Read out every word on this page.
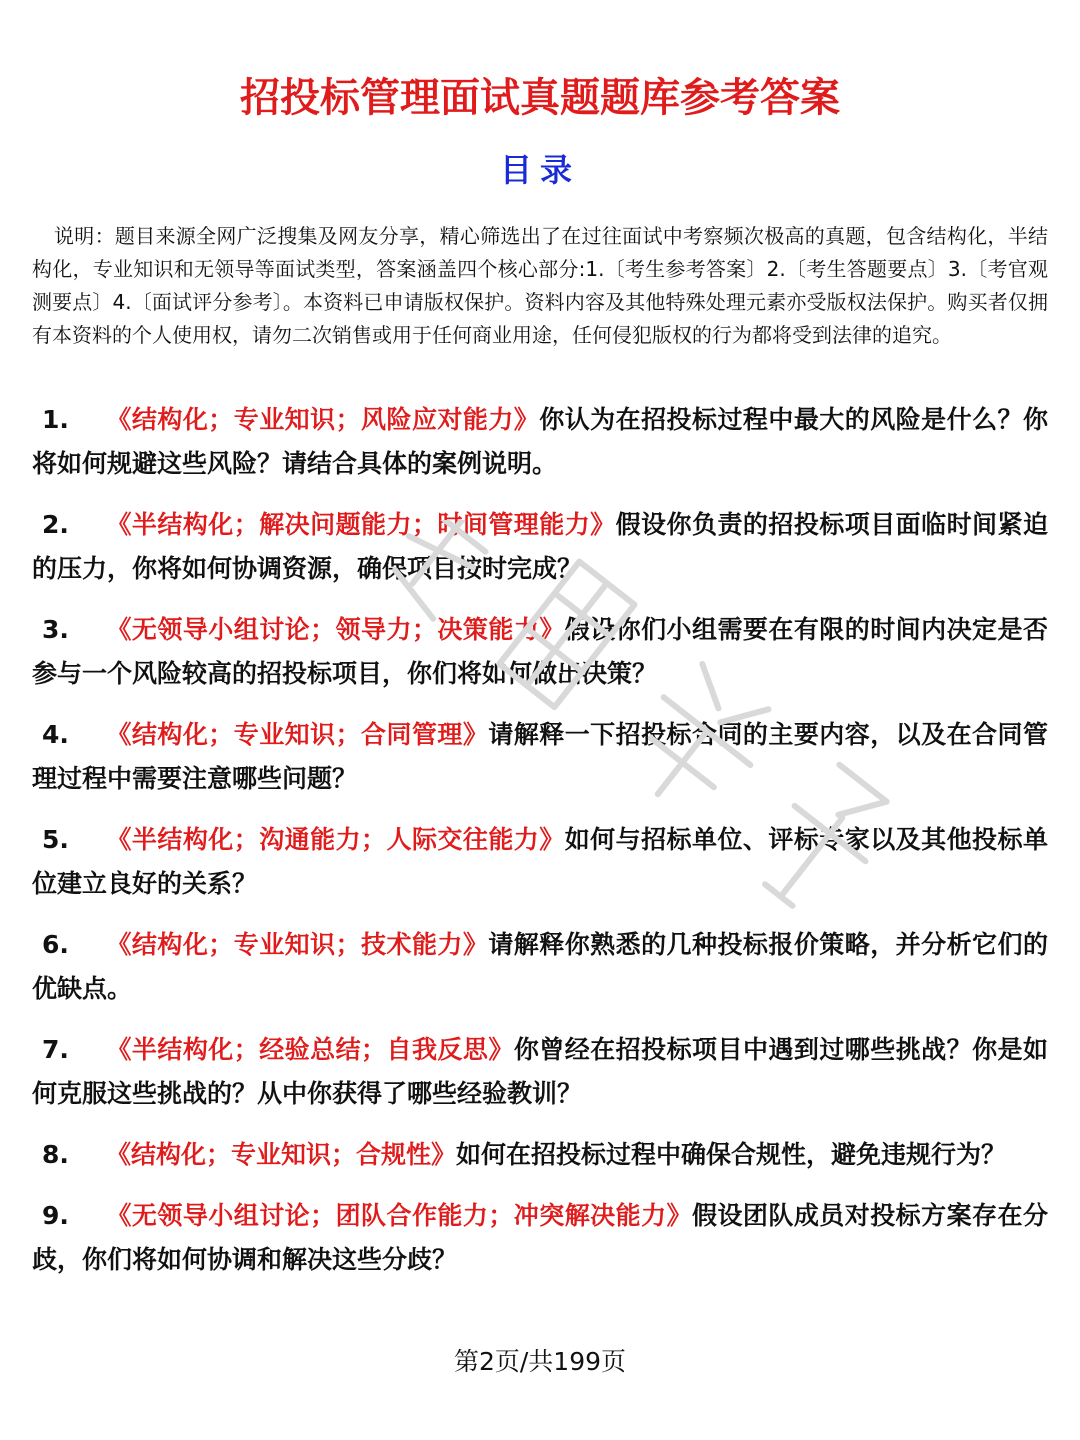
招投标管理面试真题题库参考答案
目录
说明：题目来源全网广泛搜集及网友分享，精心筛选出了在过往面试中考察频次极高的真题，包含结构化，半结构化，专业知识和无领导等面试类型，答案涵盖四个核心部分:1.〔考生参考答案〕2.〔考生答题要点〕3.〔考官观测要点〕4.〔面试评分参考〕。本资料已申请版权保护。资料内容及其他特殊处理元素亦受版权法保护。购买者仅拥有本资料的个人使用权，请勿二次销售或用于任何商业用途，任何侵犯版权的行为都将受到法律的追究。
1. 《结构化；专业知识；风险应对能力》你认为在招投标过程中最大的风险是什么？你将如何规避这些风险？请结合具体的案例说明。
2. 《半结构化；解决问题能力；时间管理能力》假设你负责的招投标项目面临时间紧迫的压力，你将如何协调资源，确保项目按时完成？
3. 《无领导小组讨论；领导力；决策能力》假设你们小组需要在有限的时间内决定是否参与一个风险较高的招投标项目，你们将如何做出决策？
4. 《结构化；专业知识；合同管理》请解释一下招投标合同的主要内容，以及在合同管理过程中需要注意哪些问题？
5. 《半结构化；沟通能力；人际交往能力》如何与招标单位、评标专家以及其他投标单位建立良好的关系？
6. 《结构化；专业知识；技术能力》请解释你熟悉的几种投标报价策略，并分析它们的优缺点。
7. 《半结构化；经验总结；自我反思》你曾经在招投标项目中遇到过哪些挑战？你是如何克服这些挑战的？从中你获得了哪些经验教训？
8. 《结构化；专业知识；合规性》如何在招投标过程中确保合规性，避免违规行为？
9. 《无领导小组讨论；团队合作能力；冲突解决能力》假设团队成员对投标方案存在分歧，你们将如何协调和解决这些分歧？
第2页/共199页
